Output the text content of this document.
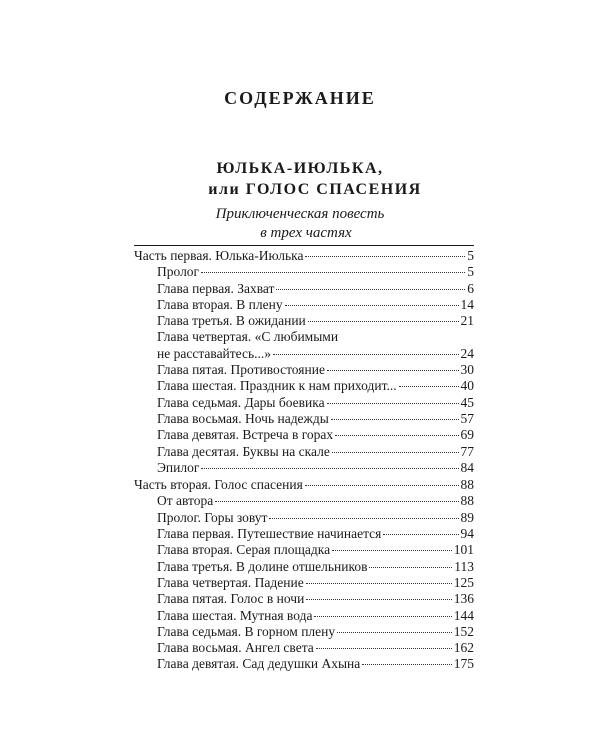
СОДЕРЖАНИЕ
ЮЛЬКА-ИЮЛЬКА,
или ГОЛОС СПАСЕНИЯ
Приключенческая повесть
в трех частях
Часть первая. Юлька-Июлька	5
Пролог	5
Глава первая. Захват	6
Глава вторая. В плену	14
Глава третья. В ожидании	21
Глава четвертая. «С любимыми
не расставайтесь...»	24
Глава пятая. Противостояние	30
Глава шестая. Праздник к нам приходит...	40
Глава седьмая. Дары боевика	45
Глава восьмая. Ночь надежды	57
Глава девятая. Встреча в горах	69
Глава десятая. Буквы на скале	77
Эпилог	84
Часть вторая. Голос спасения	88
От автора	88
Пролог. Горы зовут	89
Глава первая. Путешествие начинается	94
Глава вторая. Серая площадка	101
Глава третья. В долине отшельников	113
Глава четвертая. Падение	125
Глава пятая. Голос в ночи	136
Глава шестая. Мутная вода	144
Глава седьмая. В горном плену	152
Глава восьмая. Ангел света	162
Глава девятая. Сад дедушки Ахына	175
